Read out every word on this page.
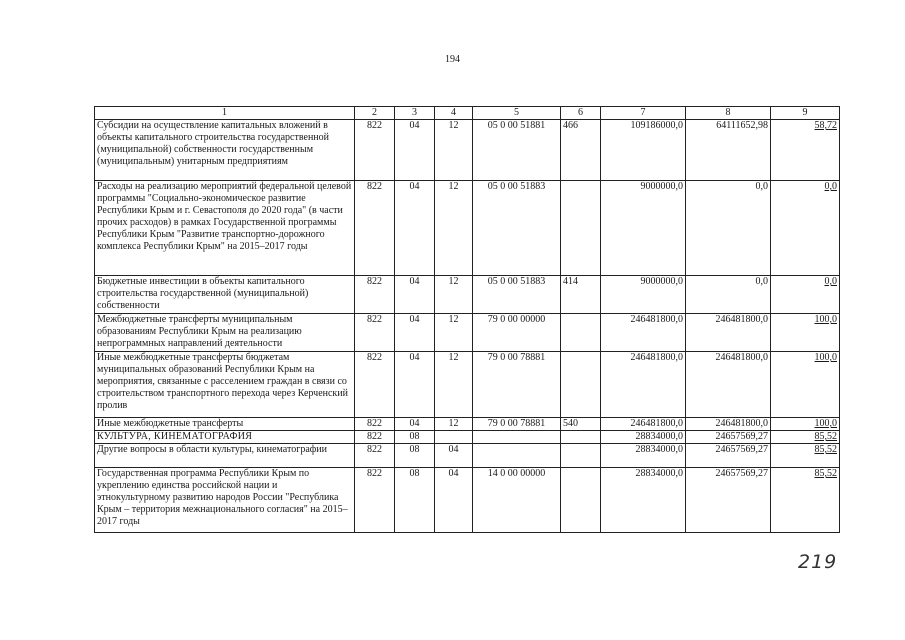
194
1	2	3	4	5	6	7	8	9
Субсидии на осуществление капитальных вложений в объекты капитального строительства государственной (муниципальной) собственности государственным (муниципальным) унитарным предприятиям	822	04	12	05 0 00 51881	466	109186000,0	64111652,98	58,72
Расходы на реализацию мероприятий федеральной целевой программы "Социально-экономическое развитие Республики Крым и г. Севастополя до 2020 года" (в части прочих расходов) в рамках Государственной программы Республики Крым "Развитие транспортно-дорожного комплекса Республики Крым" на 2015–2017 годы	822	04	12	05 0 00 51883		9000000,0	0,0	0,0
Бюджетные инвестиции в объекты капитального строительства государственной (муниципальной) собственности	822	04	12	05 0 00 51883	414	9000000,0	0,0	0,0
Межбюджетные трансферты муниципальным образованиям Республики Крым на реализацию непрограммных направлений деятельности	822	04	12	79 0 00 00000		246481800,0	246481800,0	100,0
Иные межбюджетные трансферты бюджетам муниципальных образований Республики Крым на мероприятия, связанные с расселением граждан в связи со строительством транспортного перехода через Керченский пролив	822	04	12	79 0 00 78881		246481800,0	246481800,0	100,0
Иные межбюджетные трансферты	822	04	12	79 0 00 78881	540	246481800,0	246481800,0	100,0
КУЛЬТУРА, КИНЕМАТОГРАФИЯ	822	08				28834000,0	24657569,27	85,52
Другие вопросы в области культуры, кинематографии	822	08	04			28834000,0	24657569,27	85,52
Государственная программа Республики Крым по укреплению единства российской нации и этнокультурному развитию народов России "Республика Крым – территория межнационального согласия" на 2015–2017 годы	822	08	04	14 0 00 00000		28834000,0	24657569,27	85,52
219
